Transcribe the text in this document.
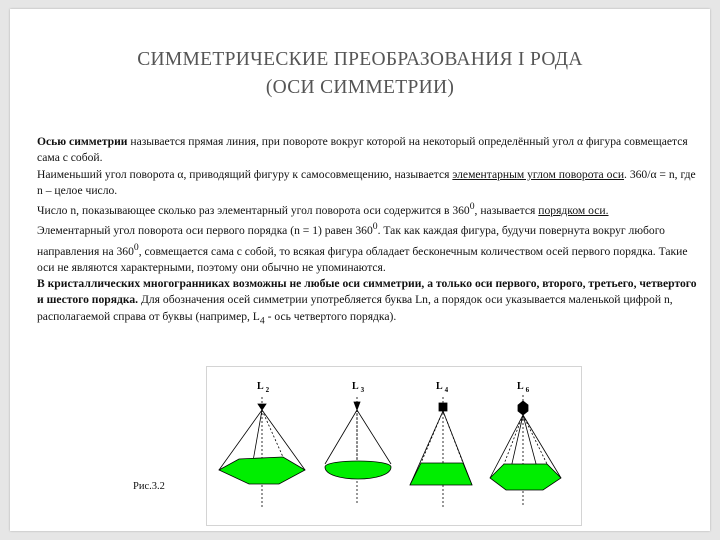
СИММЕТРИЧЕСКИЕ ПРЕОБРАЗОВАНИЯ I РОДА
(ОСИ СИММЕТРИИ)

Осью симметрии называется прямая линия, при повороте вокруг которой на некоторый определённый угол α фигура совмещается сама с собой.

Наименьший угол поворота α, приводящий фигуру к самосовмещению, называется элементарным углом поворота оси. 360/α = n, где n – целое число.

Число n, показывающее сколько раз элементарный угол поворота оси содержится в $360^0$, называется порядком оси.

Элементарный угол поворота оси первого порядка (n = 1) равен $360^0$. Так как каждая фигура, будучи повернута вокруг любого направления на $360^0$, совмещается сама с собой, то всякая фигура обладает бесконечным количеством осей первого порядка. Такие оси не являются характерными, поэтому они обычно не упоминаются.

В кристаллических многогранниках возможны не любые оси симметрии, а только оси первого, второго, третьего, четвертого и шестого порядка. Для обозначения осей симметрии употребляется буква Ln, а порядок оси указывается маленькой цифрой n, располагаемой справа от буквы (например, $L_4$ - ось четвертого порядка).

Рис.3.2
L $_2$	L $_3$	L $_4$	L $_6$
